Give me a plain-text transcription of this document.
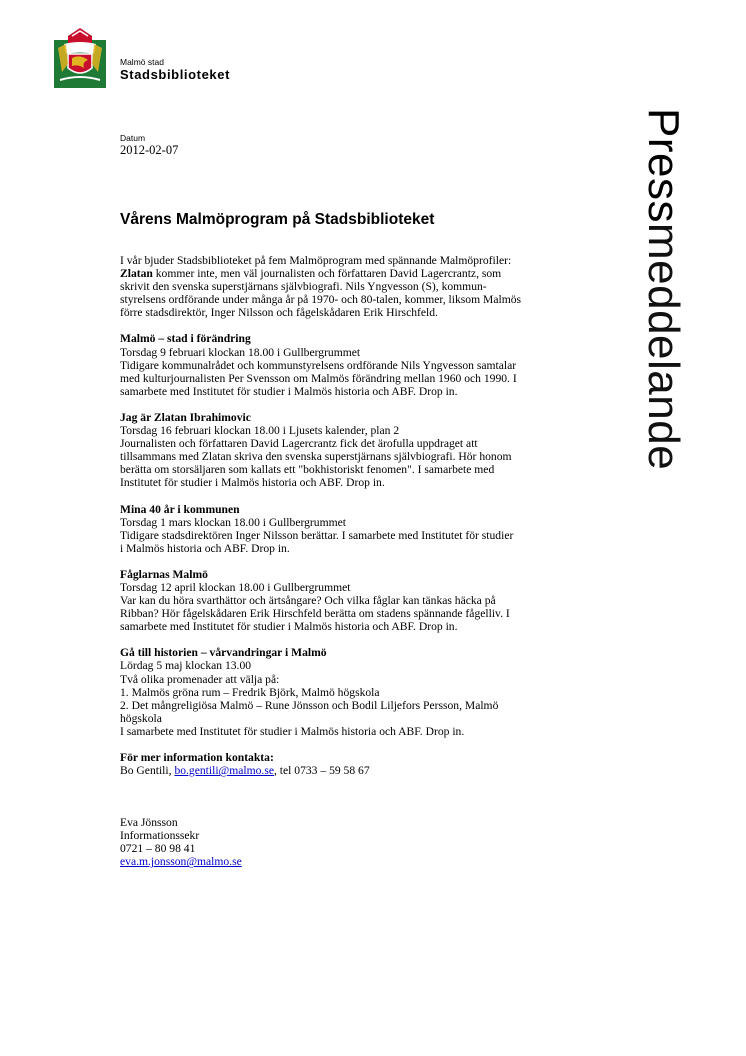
Malmö stad
Stadsbiblioteket
Datum
2012-02-07	Pressmeddelande
Vårens Malmöprogram på Stadsbiblioteket
I vår bjuder Stadsbiblioteket på fem Malmöprogram med spännande Malmöprofiler:
Zlatan kommer inte, men väl journalisten och författaren David Lagercrantz, som
skrivit den svenska superstjärnans självbiografi. Nils Yngvesson (S), kommun-
styrelsens ordförande under många år på 1970- och 80-talen, kommer, liksom Malmös
förre stadsdirektör, Inger Nilsson och fågelskådaren Erik Hirschfeld.
Malmö – stad i förändring
Torsdag 9 februari klockan 18.00 i Gullbergrummet
Tidigare kommunalrådet och kommunstyrelsens ordförande Nils Yngvesson samtalar
med kulturjournalisten Per Svensson om Malmös förändring mellan 1960 och 1990. I
samarbete med Institutet för studier i Malmös historia och ABF. Drop in.
Jag är Zlatan Ibrahimovic
Torsdag 16 februari klockan 18.00 i Ljusets kalender, plan 2
Journalisten och författaren David Lagercrantz fick det ärofulla uppdraget att
tillsammans med Zlatan skriva den svenska superstjärnans självbiografi. Hör honom
berätta om storsäljaren som kallats ett "bokhistoriskt fenomen". I samarbete med
Institutet för studier i Malmös historia och ABF. Drop in.
Mina 40 år i kommunen
Torsdag 1 mars klockan 18.00 i Gullbergrummet
Tidigare stadsdirektören Inger Nilsson berättar. I samarbete med Institutet för studier
i Malmös historia och ABF. Drop in.
Fåglarnas Malmö
Torsdag 12 april klockan 18.00 i Gullbergrummet
Var kan du höra svarthättor och ärtsångare? Och vilka fåglar kan tänkas häcka på
Ribban? Hör fågelskådaren Erik Hirschfeld berätta om stadens spännande fågelliv. I
samarbete med Institutet för studier i Malmös historia och ABF. Drop in.
Gå till historien – vårvandringar i Malmö
Lördag 5 maj klockan 13.00
Två olika promenader att välja på:
1. Malmös gröna rum – Fredrik Björk, Malmö högskola
2. Det mångreligiösa Malmö – Rune Jönsson och Bodil Liljefors Persson, Malmö
högskola
I samarbete med Institutet för studier i Malmös historia och ABF. Drop in.
För mer information kontakta:
Bo Gentili, bo.gentili@malmo.se, tel 0733 – 59 58 67
Eva Jönsson
Informationssekr
0721 – 80 98 41
eva.m.jonsson@malmo.se
